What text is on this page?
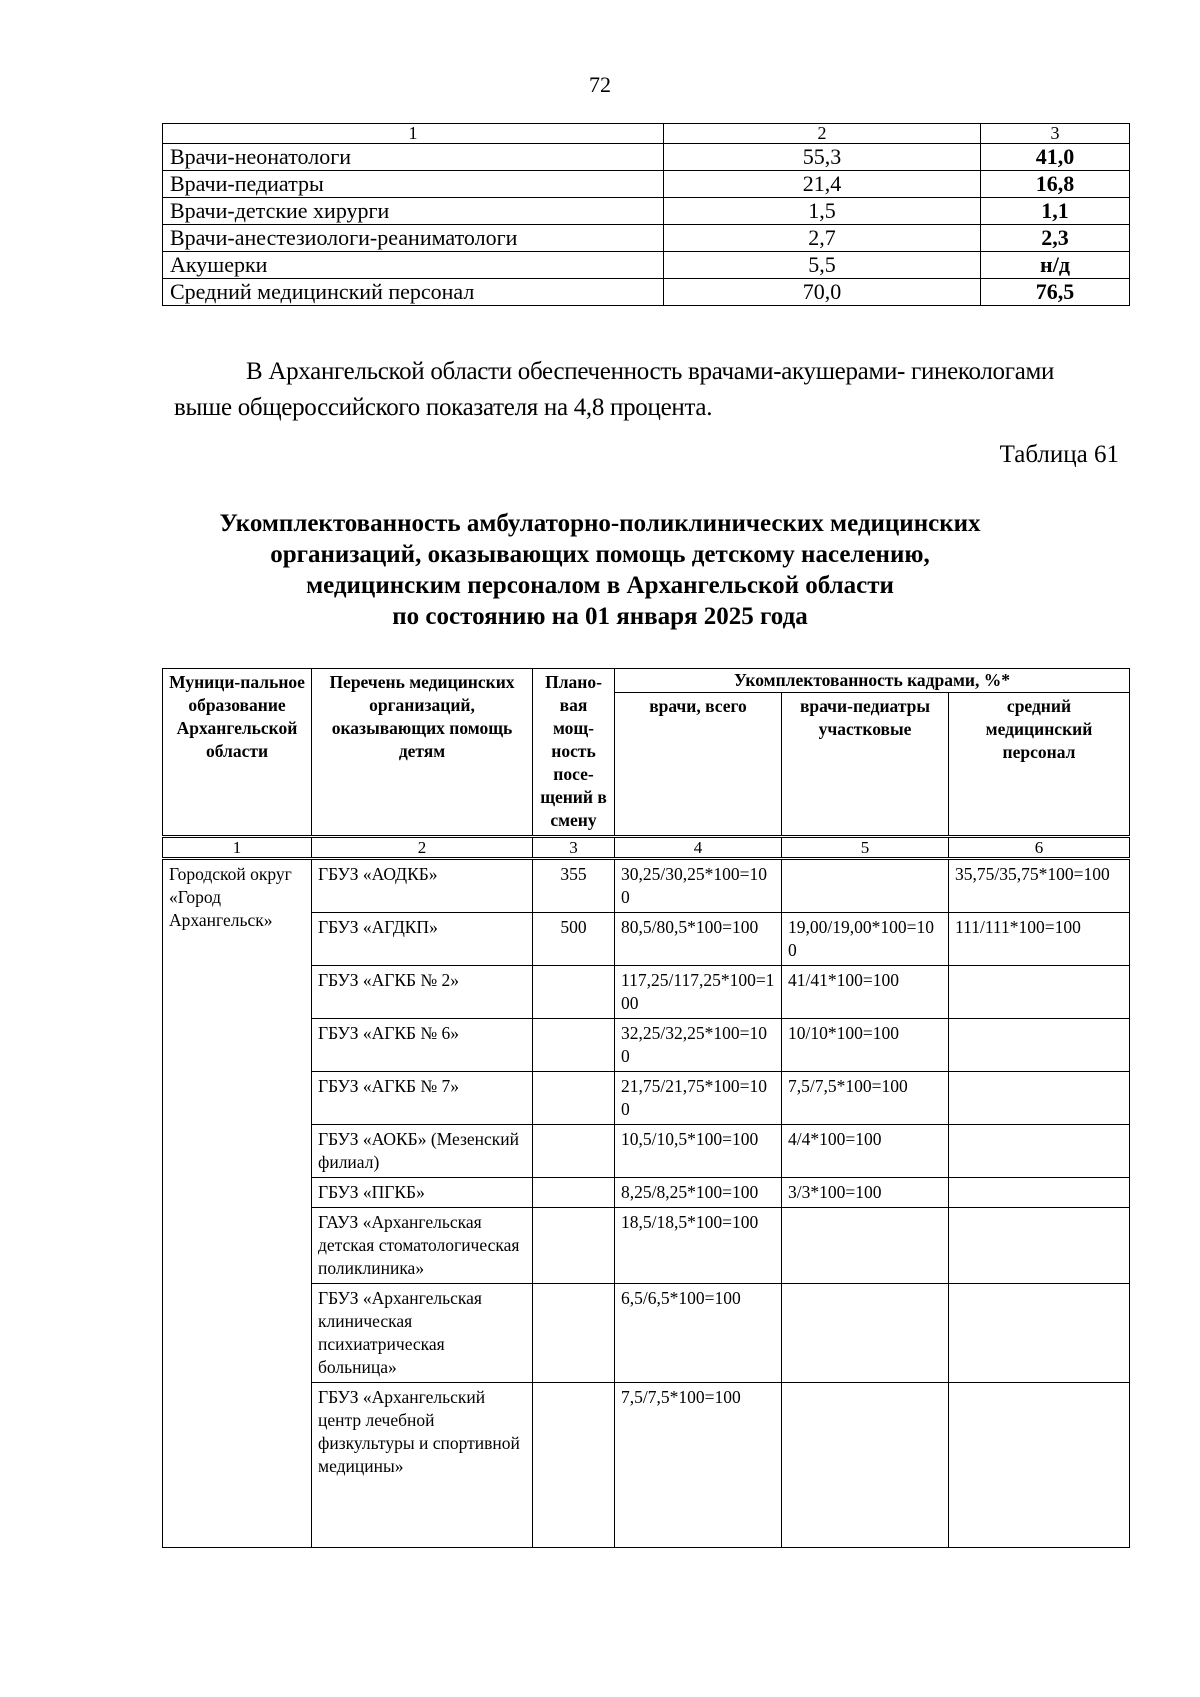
72
1	2	3
Врачи-неонатологи	55,3	41,0
Врачи-педиатры	21,4	16,8
Врачи-детские хирурги	1,5	1,1
Врачи-анестезиологи-реаниматологи	2,7	2,3
Акушерки	5,5	н/д
Средний медицинский персонал	70,0	76,5

В Архангельской области обеспеченность врачами-акушерами- гинекологами
выше общероссийского показателя на 4,8 процента.

Таблица 61
Укомплектованность амбулаторно-поликлинических медицинских
организаций, оказывающих помощь детскому населению,
медицинским персоналом в Архангельской области
по состоянию на 01 января 2025 года
Муници-пальное образование Архангельской области	Перечень медицинских организаций, оказывающих помощь детям	Плано-вая мощ-ность посе-щений в смену	Укомплектованность кадрами, %*		
			врачи, всего	врачи-педиатры участковые	средний медицинский персонал
1	2	3	4	5	6
Городской округ «Город Архангельск»	ГБУЗ «АОДКБ»	355	30,25/30,25*100=100		35,75/35,75*100=100
	ГБУЗ «АГДКП»	500	80,5/80,5*100=100	19,00/19,00*100=100	111/111*100=100
	ГБУЗ «АГКБ № 2»		117,25/117,25*100=100	41/41*100=100	
	ГБУЗ «АГКБ № 6»		32,25/32,25*100=100	10/10*100=100	
	ГБУЗ «АГКБ № 7»		21,75/21,75*100=100	7,5/7,5*100=100	
	ГБУЗ «АОКБ» (Мезенский филиал)		10,5/10,5*100=100	4/4*100=100	
	ГБУЗ «ПГКБ»		8,25/8,25*100=100	3/3*100=100	
	ГАУЗ «Архангельская детская стоматологическая поликлиника»		18,5/18,5*100=100		
	ГБУЗ «Архангельская клиническая психиатрическая больница»		6,5/6,5*100=100		
	ГБУЗ «Архангельский центр лечебной физкультуры и спортивной медицины»		7,5/7,5*100=100		
